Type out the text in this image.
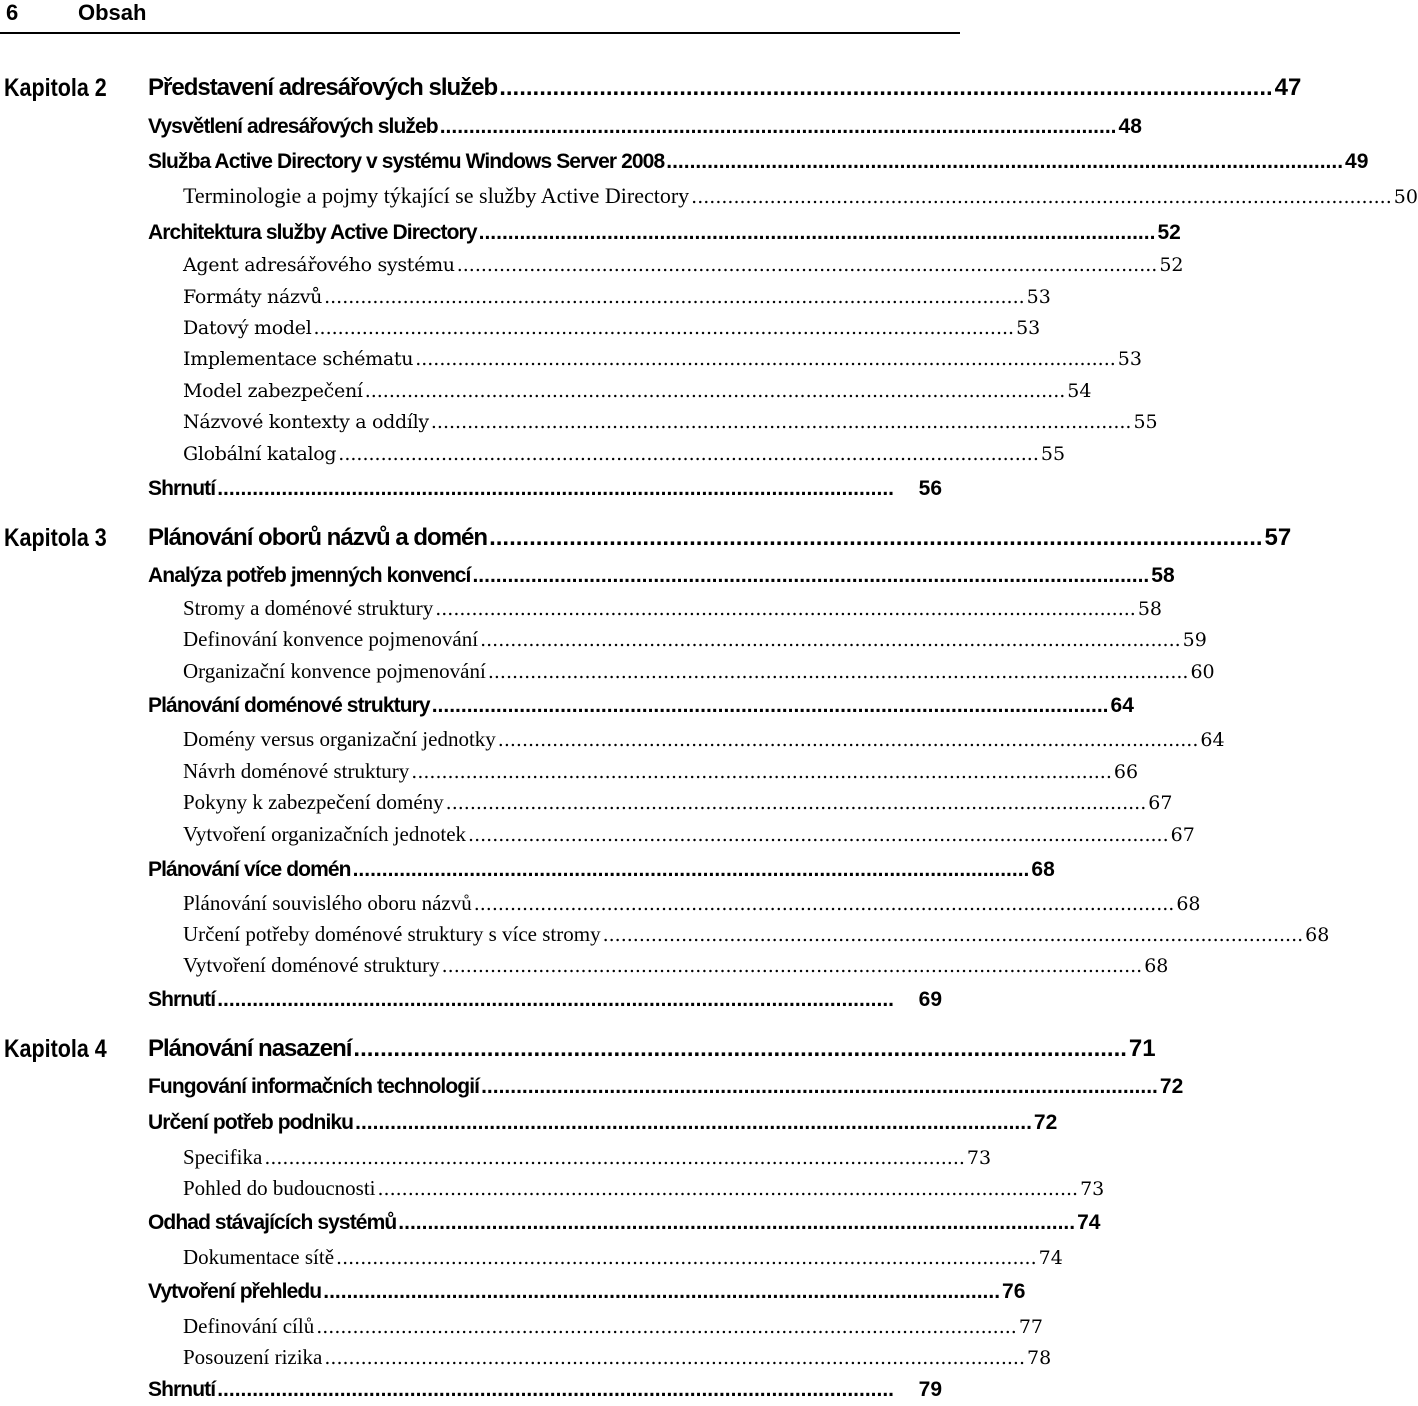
6	Obsah
Kapitola 2 Představení adresářových služeb .................................................................................................................... 47
Vysvětlení adresářových služeb .................................................................................................................... 48
Služba Active Directory v systému Windows Server 2008 .................................................................................................................... 49
Terminologie a pojmy týkající se služby Active Directory .................................................................................................................... 50
Architektura služby Active Directory .................................................................................................................... 52
Agent adresářového systému .................................................................................................................... 52
Formáty názvů .................................................................................................................... 53
Datový model .................................................................................................................... 53
Implementace schématu .................................................................................................................... 53
Model zabezpečení .................................................................................................................... 54
Názvové kontexty a oddíly .................................................................................................................... 55
Globální katalog .................................................................................................................... 55
Shrnutí ....................................................................................................................	56
Kapitola 3 Plánování oborů názvů a domén .................................................................................................................... 57
Analýza potřeb jmenných konvencí .................................................................................................................... 58
Stromy a doménové struktury .................................................................................................................... 58
Definování konvence pojmenování .................................................................................................................... 59
Organizační konvence pojmenování .................................................................................................................... 60
Plánování doménové struktury .................................................................................................................... 64
Domény versus organizační jednotky .................................................................................................................... 64
Návrh doménové struktury .................................................................................................................... 66
Pokyny k zabezpečení domény .................................................................................................................... 67
Vytvoření organizačních jednotek .................................................................................................................... 67
Plánování více domén .................................................................................................................... 68
Plánování souvislého oboru názvů .................................................................................................................... 68
Určení potřeby doménové struktury s více stromy .................................................................................................................... 68
Vytvoření doménové struktury .................................................................................................................... 68
Shrnutí ....................................................................................................................	69
Kapitola 4 Plánování nasazení .................................................................................................................... 71
Fungování informačních technologií .................................................................................................................... 72
Určení potřeb podniku .................................................................................................................... 72
Specifika .................................................................................................................... 73
Pohled do budoucnosti .................................................................................................................... 73
Odhad stávajících systémů .................................................................................................................... 74
Dokumentace sítě .................................................................................................................... 74
Vytvoření přehledu .................................................................................................................... 76
Definování cílů .................................................................................................................... 77
Posouzení rizika .................................................................................................................... 78
Shrnutí ....................................................................................................................	79
